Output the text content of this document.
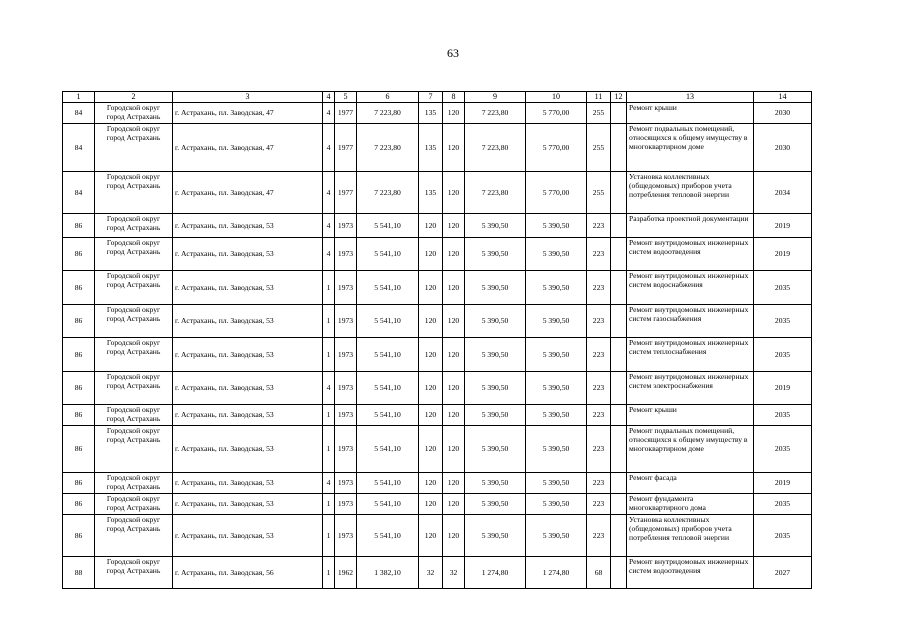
63
1	2	3	4	5	6	7	8	9	10	11	12	13	14
84	Городской округ город Астрахань	г. Астрахань, пл. Заводская, 47	4	1977	7 223,80	135	120	7 223,80	5 770,00	255		Ремонт крыши	2030
84	Городской округ город Астрахань	г. Астрахань, пл. Заводская, 47	4	1977	7 223,80	135	120	7 223,80	5 770,00	255		Ремонт подвальных помещений, относящихся к общему имуществу в многоквартирном доме	2030
84	Городской округ город Астрахань	г. Астрахань, пл. Заводская, 47	4	1977	7 223,80	135	120	7 223,80	5 770,00	255		Установка коллективных (общедомовых) приборов учета потребления тепловой энергии	2034
86	Городской округ город Астрахань	г. Астрахань, пл. Заводская, 53	4	1973	5 541,10	120	120	5 390,50	5 390,50	223		Разработка проектной документации	2019
86	Городской округ город Астрахань	г. Астрахань, пл. Заводская, 53	4	1973	5 541,10	120	120	5 390,50	5 390,50	223		Ремонт внутридомовых инженерных систем водоотведения	2019
86	Городской округ город Астрахань	г. Астрахань, пл. Заводская, 53	1	1973	5 541,10	120	120	5 390,50	5 390,50	223		Ремонт внутридомовых инженерных систем водоснабжения	2035
86	Городской округ город Астрахань	г. Астрахань, пл. Заводская, 53	1	1973	5 541,10	120	120	5 390,50	5 390,50	223		Ремонт внутридомовых инженерных систем газоснабжения	2035
86	Городской округ город Астрахань	г. Астрахань, пл. Заводская, 53	1	1973	5 541,10	120	120	5 390,50	5 390,50	223		Ремонт внутридомовых инженерных систем теплоснабжения	2035
86	Городской округ город Астрахань	г. Астрахань, пл. Заводская, 53	4	1973	5 541,10	120	120	5 390,50	5 390,50	223		Ремонт внутридомовых инженерных систем электроснабжения	2019
86	Городской округ город Астрахань	г. Астрахань, пл. Заводская, 53	1	1973	5 541,10	120	120	5 390,50	5 390,50	223		Ремонт крыши	2035
86	Городской округ город Астрахань	г. Астрахань, пл. Заводская, 53	1	1973	5 541,10	120	120	5 390,50	5 390,50	223		Ремонт подвальных помещений, относящихся к общему имуществу в многоквартирном доме	2035
86	Городской округ город Астрахань	г. Астрахань, пл. Заводская, 53	4	1973	5 541,10	120	120	5 390,50	5 390,50	223		Ремонт фасада	2019
86	Городской округ город Астрахань	г. Астрахань, пл. Заводская, 53	1	1973	5 541,10	120	120	5 390,50	5 390,50	223		Ремонт фундамента многоквартирного дома	2035
86	Городской округ город Астрахань	г. Астрахань, пл. Заводская, 53	1	1973	5 541,10	120	120	5 390,50	5 390,50	223		Установка коллективных (общедомовых) приборов учета потребления тепловой энергии	2035
88	Городской округ город Астрахань	г. Астрахань, пл. Заводская, 56	1	1962	1 382,10	32	32	1 274,80	1 274,80	68		Ремонт внутридомовых инженерных систем водоотведения	2027
